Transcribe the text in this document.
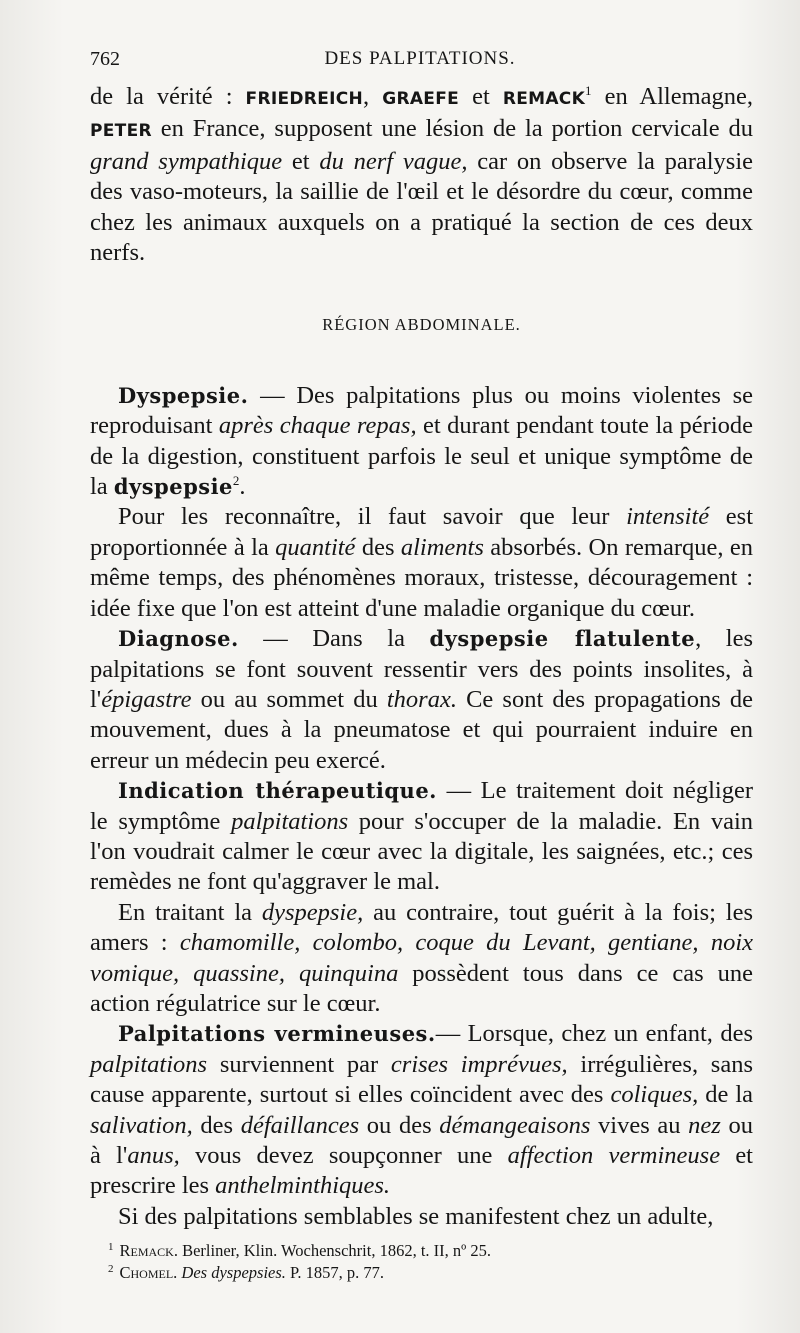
762	DES PALPITATIONS.

de la vérité : FRIEDREICH, GRAEFE et REMACK$^1$ en Allemagne, PETER en France, supposent une lésion de la portion cervicale du grand sympathique et du nerf vague, car on observe la paralysie des vaso-moteurs, la saillie de l'œil et le désordre du cœur, comme chez les animaux auxquels on a pratiqué la section de ces deux nerfs.

RÉGION ABDOMINALE.

Dyspepsie. — Des palpitations plus ou moins violentes se reproduisant après chaque repas, et durant pendant toute la période de la digestion, constituent parfois le seul et unique symptôme de la dyspepsie$^2$.

Pour les reconnaître, il faut savoir que leur intensité est proportionnée à la quantité des aliments absorbés. On remarque, en même temps, des phénomènes moraux, tristesse, découragement : idée fixe que l'on est atteint d'une maladie organique du cœur.

Diagnose. — Dans la dyspepsie flatulente, les palpitations se font souvent ressentir vers des points insolites, à l'épigastre ou au sommet du thorax. Ce sont des propagations de mouvement, dues à la pneumatose et qui pourraient induire en erreur un médecin peu exercé.

Indication thérapeutique. — Le traitement doit négliger le symptôme palpitations pour s'occuper de la maladie. En vain l'on voudrait calmer le cœur avec la digitale, les saignées, etc.; ces remèdes ne font qu'aggraver le mal.

En traitant la dyspepsie, au contraire, tout guérit à la fois; les amers : chamomille, colombo, coque du Levant, gentiane, noix vomique, quassine, quinquina possèdent tous dans ce cas une action régulatrice sur le cœur.

Palpitations vermineuses.— Lorsque, chez un enfant, des palpitations surviennent par crises imprévues, irrégulières, sans cause apparente, surtout si elles coïncident avec des coliques, de la salivation, des défaillances ou des démangeaisons vives au nez ou à l'anus, vous devez soupçonner une affection vermineuse et prescrire les anthelminthiques.

Si des palpitations semblables se manifestent chez un adulte,

$^1$ Remack. Berliner, Klin. Wochenschrit, 1862, t. II, nº 25.

$^2$ Chomel. Des dyspepsies. P. 1857, p. 77.
